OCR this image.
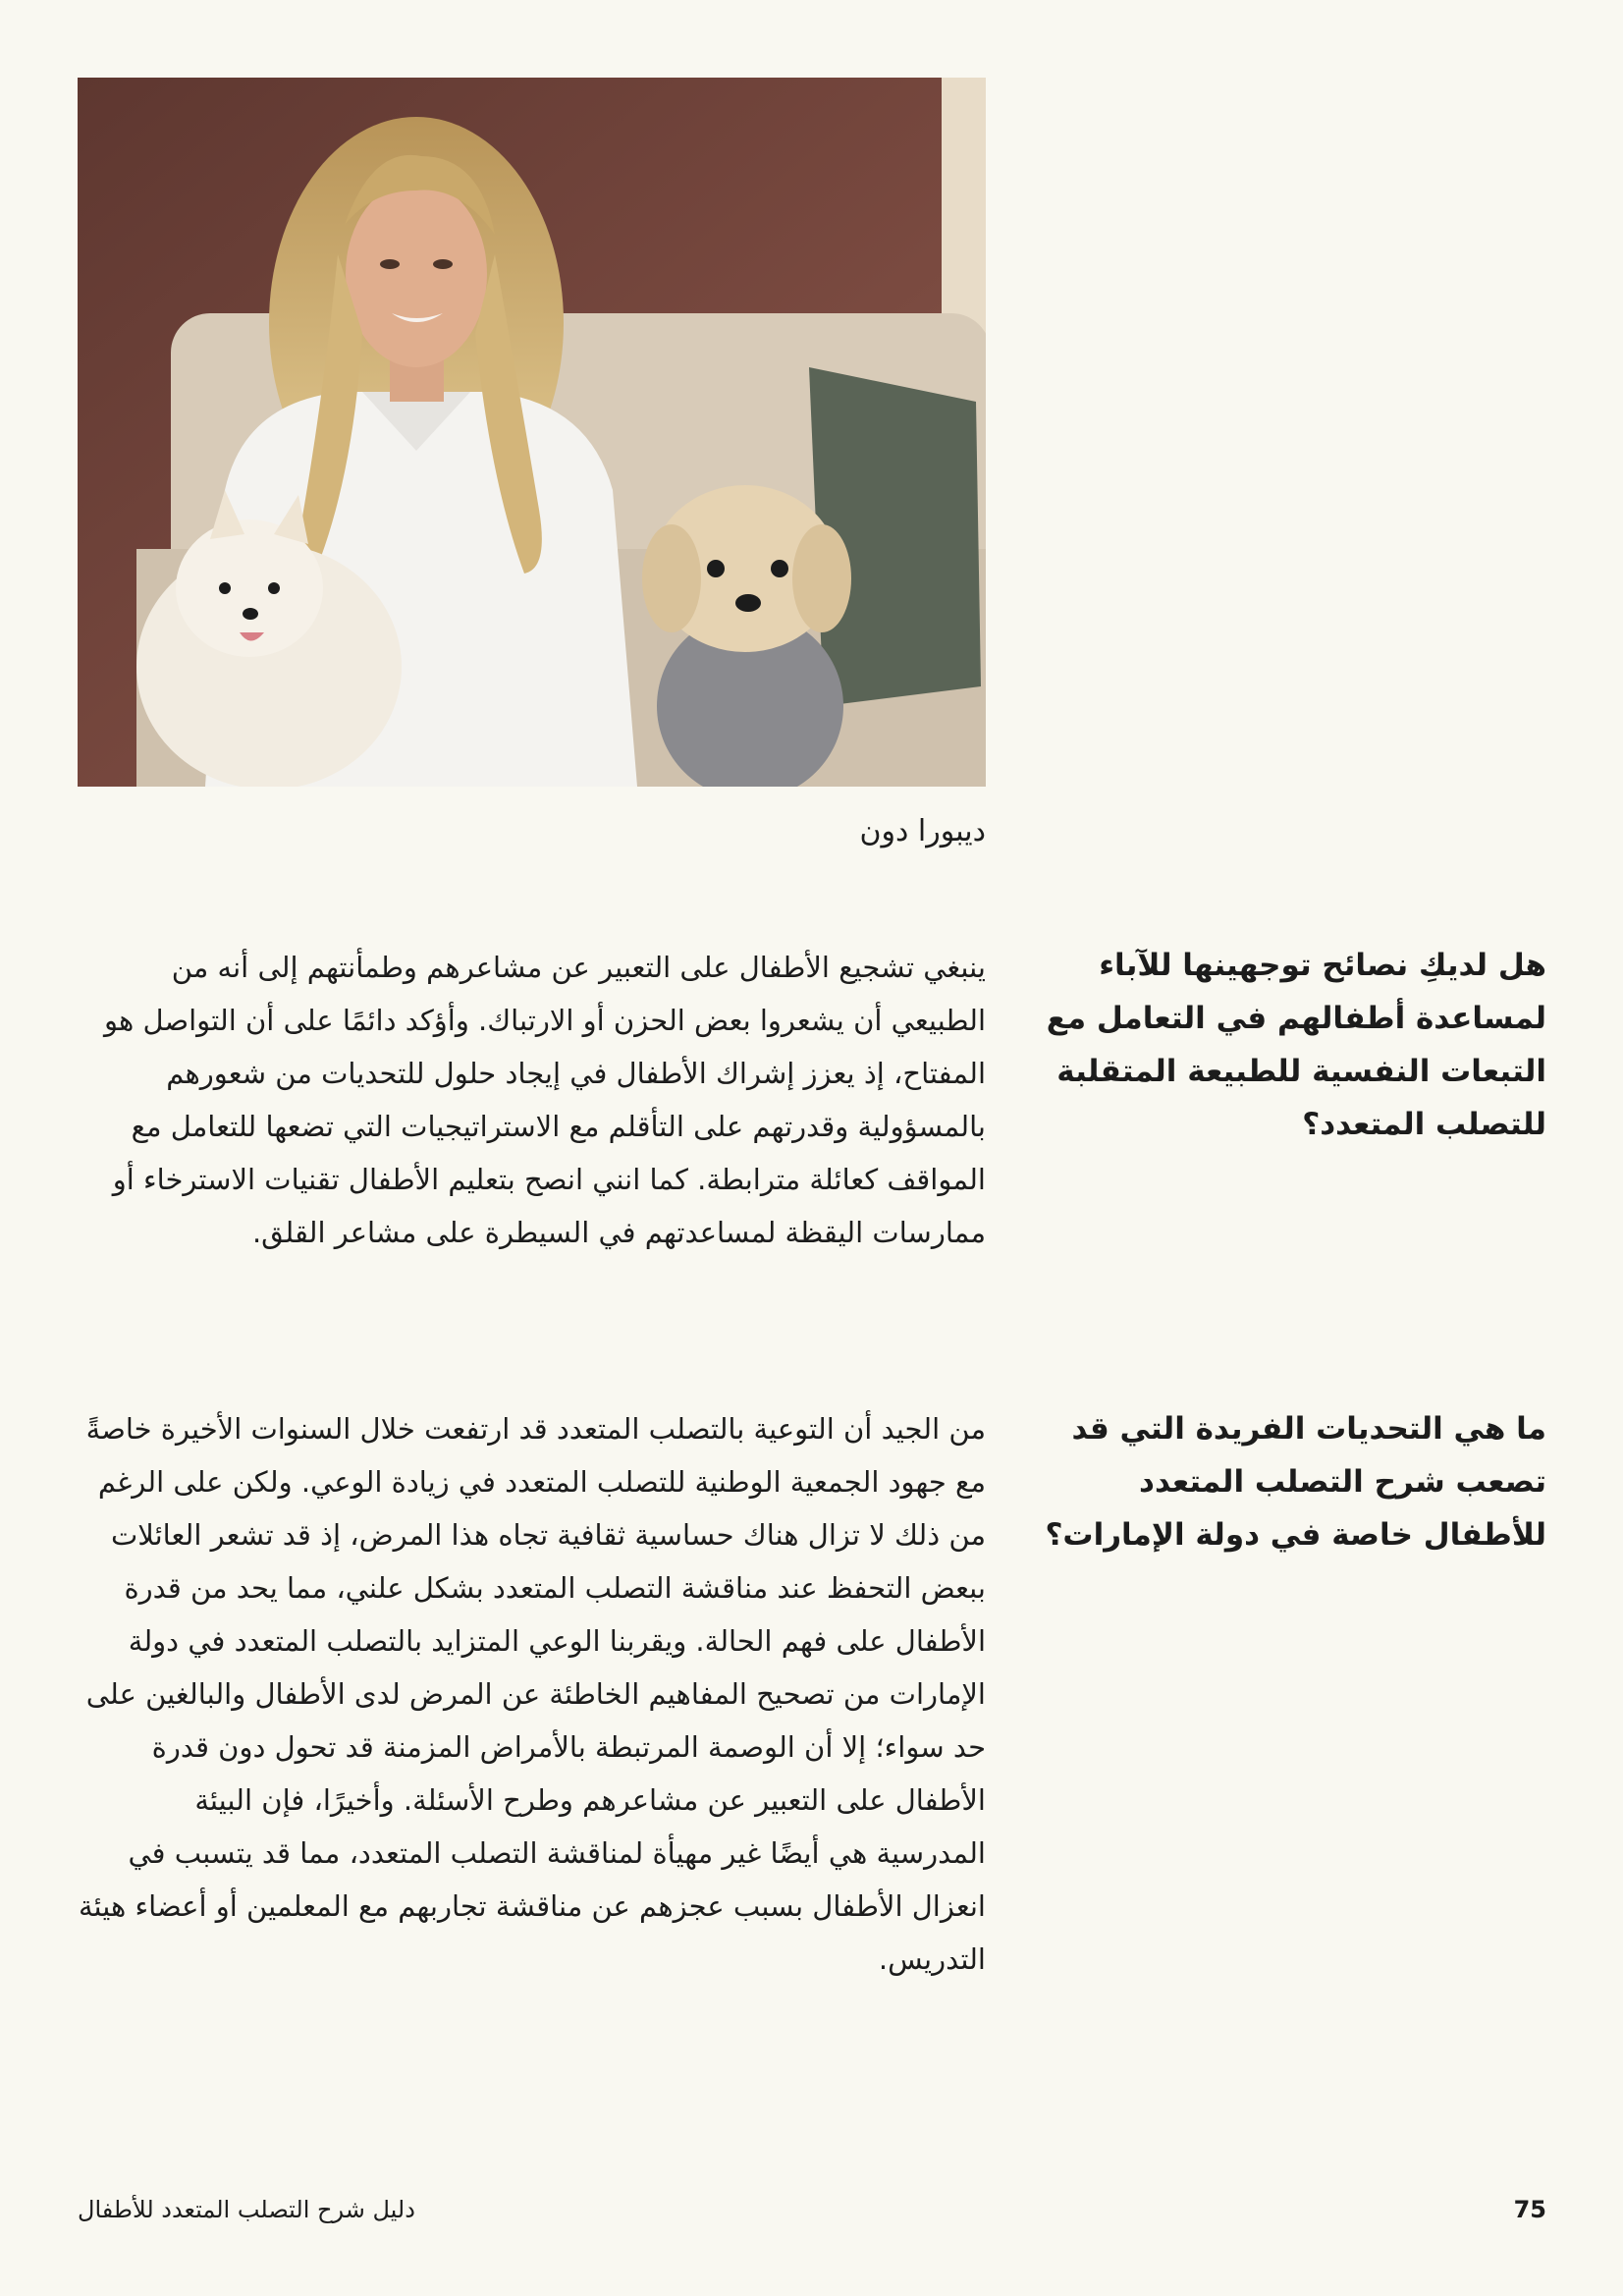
ديبورا دون
هل لديكِ نصائح توجهينها للآباء لمساعدة أطفالهم في التعامل مع التبعات النفسية للطبيعة المتقلبة للتصلب المتعدد؟

ينبغي تشجيع الأطفال على التعبير عن مشاعرهم وطمأنتهم إلى أنه من الطبيعي أن يشعروا بعض الحزن أو الارتباك. وأؤكد دائمًا على أن التواصل هو المفتاح، إذ يعزز إشراك الأطفال في إيجاد حلول للتحديات من شعورهم بالمسؤولية وقدرتهم على التأقلم مع الاستراتيجيات التي تضعها للتعامل مع المواقف كعائلة مترابطة. كما انني انصح بتعليم الأطفال تقنيات الاسترخاء أو ممارسات اليقظة لمساعدتهم في السيطرة على مشاعر القلق.

ما هي التحديات الفريدة التي قد تصعب شرح التصلب المتعدد للأطفال خاصة في دولة الإمارات؟

من الجيد أن التوعية بالتصلب المتعدد قد ارتفعت خلال السنوات الأخيرة خاصةً مع جهود الجمعية الوطنية للتصلب المتعدد في زيادة الوعي. ولكن على الرغم من ذلك لا تزال هناك حساسية ثقافية تجاه هذا المرض، إذ قد تشعر العائلات ببعض التحفظ عند مناقشة التصلب المتعدد بشكل علني، مما يحد من قدرة الأطفال على فهم الحالة. ويقربنا الوعي المتزايد بالتصلب المتعدد في دولة الإمارات من تصحيح المفاهيم الخاطئة عن المرض لدى الأطفال والبالغين على حد سواء؛ إلا أن الوصمة المرتبطة بالأمراض المزمنة قد تحول دون قدرة الأطفال على التعبير عن مشاعرهم وطرح الأسئلة. وأخيرًا، فإن البيئة المدرسية هي أيضًا غير مهيأة لمناقشة التصلب المتعدد، مما قد يتسبب في انعزال الأطفال بسبب عجزهم عن مناقشة تجاربهم مع المعلمين أو أعضاء هيئة التدريس.

دليل شرح التصلب المتعدد للأطفال	75
